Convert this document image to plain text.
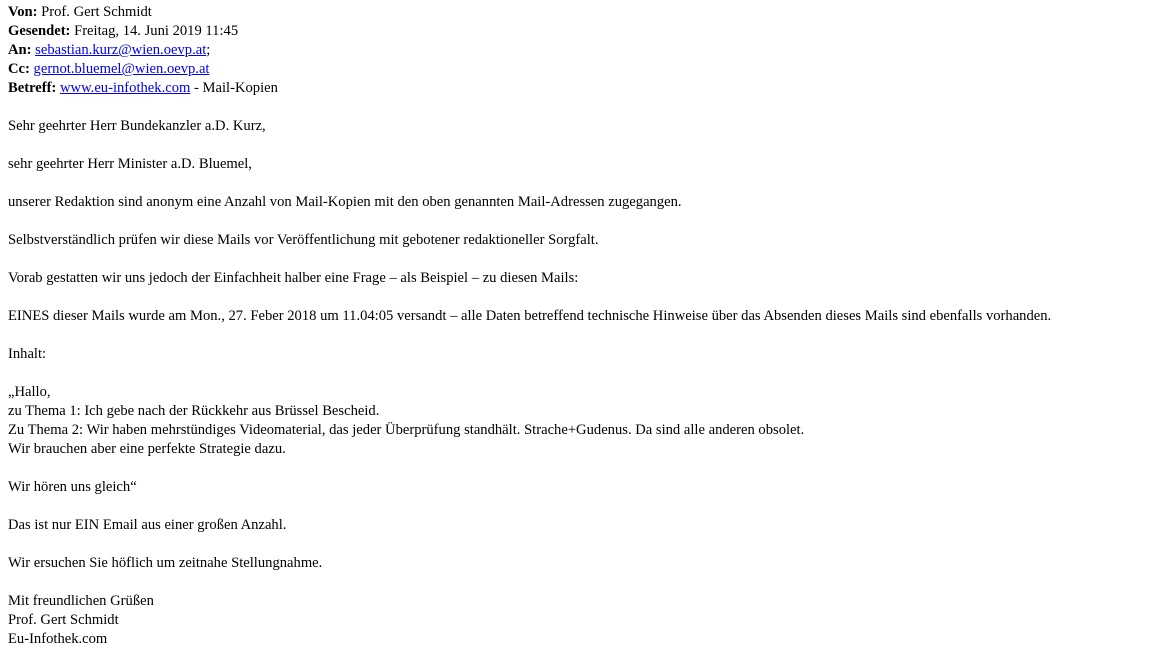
Von: Prof. Gert Schmidt
Gesendet: Freitag, 14. Juni 2019 11:45
An: sebastian.kurz@wien.oevp.at;
Cc: gernot.bluemel@wien.oevp.at
Betreff: www.eu-infothek.com - Mail-Kopien
Sehr geehrter Herr Bundekanzler a.D. Kurz,
sehr geehrter Herr Minister a.D. Bluemel,
unserer Redaktion sind anonym eine Anzahl von Mail-Kopien mit den oben genannten Mail-Adressen zugegangen.
Selbstverständlich prüfen wir diese Mails vor Veröffentlichung mit gebotener redaktioneller Sorgfalt.
Vorab gestatten wir uns jedoch der Einfachheit halber eine Frage – als Beispiel – zu diesen Mails:
EINES dieser Mails wurde am Mon., 27. Feber 2018 um 11.04:05 versandt – alle Daten betreffend technische Hinweise über das Absenden dieses Mails sind ebenfalls vorhanden.
Inhalt:
„Hallo,
zu Thema 1: Ich gebe nach der Rückkehr aus Brüssel Bescheid.
Zu Thema 2: Wir haben mehrstündiges Videomaterial, das jeder Überprüfung standhält. Strache+Gudenus. Da sind alle anderen obsolet.
Wir brauchen aber eine perfekte Strategie dazu.
Wir hören uns gleich“
Das ist nur EIN Email aus einer großen Anzahl.
Wir ersuchen Sie höflich um zeitnahe Stellungnahme.
Mit freundlichen Grüßen
Prof. Gert Schmidt
Eu-Infothek.com
